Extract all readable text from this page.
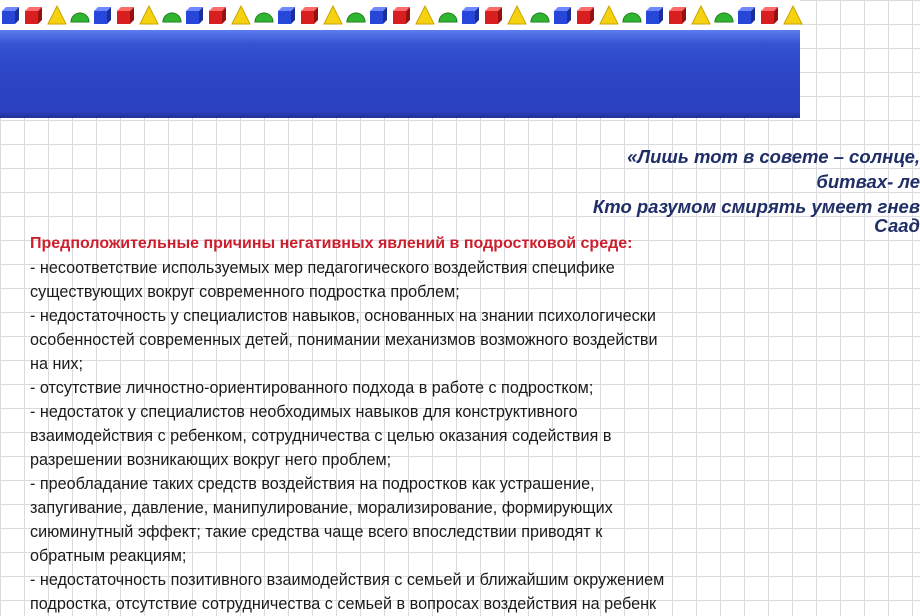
«Лишь тот в совете – солнце,
битвах- ле
Кто разумом смирять умеет гнев
Саад
Предположительные причины негативных явлений в подростковой среде:
- несоответствие используемых мер педагогического воздействия специфике
существующих вокруг современного подростка проблем;
- недостаточность у специалистов навыков, основанных на знании психологически
особенностей современных детей, понимании механизмов возможного воздействи
на них;
- отсутствие личностно-ориентированного подхода в работе с подростком;
- недостаток у специалистов необходимых навыков для конструктивного
взаимодействия с ребенком, сотрудничества с целью оказания содействия в
разрешении возникающих вокруг него проблем;
- преобладание таких средств воздействия на подростков как устрашение,
запугивание, давление, манипулирование, морализирование, формирующих
сиюминутный эффект; такие средства чаще всего впоследствии приводят к
обратным реакциям;
- недостаточность позитивного взаимодействия с семьей и ближайшим окружением
подростка, отсутствие сотрудничества с семьей в вопросах воздействия на ребенк
